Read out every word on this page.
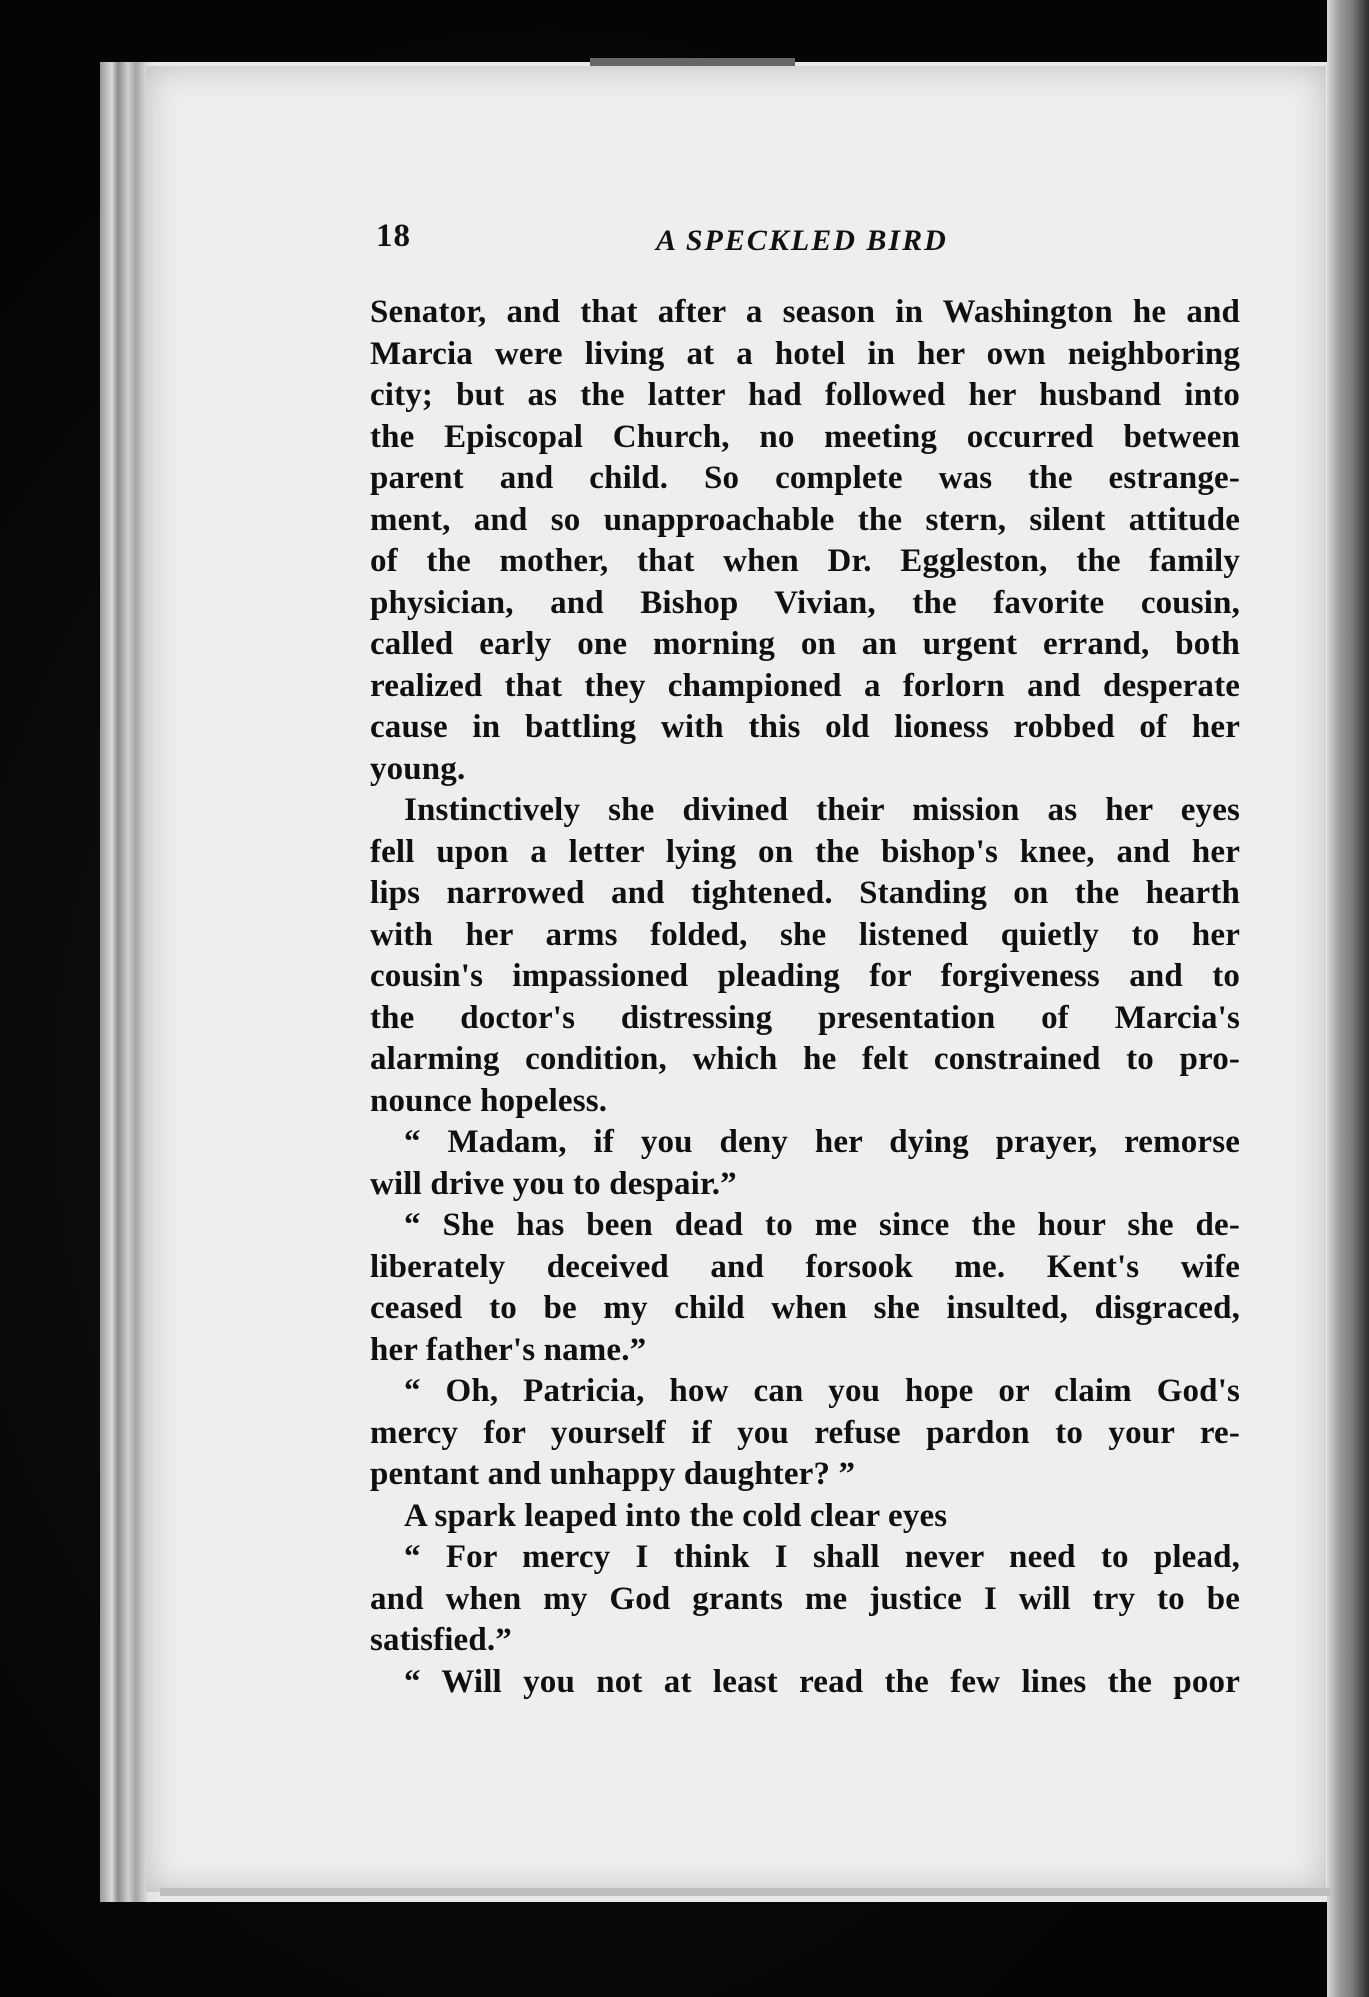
18	A SPECKLED BIRD
Senator, and that after a season in Washington he and
Marcia were living at a hotel in her own neighboring
city; but as the latter had followed her husband into
the Episcopal Church, no meeting occurred between
parent and child. So complete was the estrange-
ment, and so unapproachable the stern, silent attitude
of the mother, that when Dr. Eggleston, the family
physician, and Bishop Vivian, the favorite cousin,
called early one morning on an urgent errand, both
realized that they championed a forlorn and desperate
cause in battling with this old lioness robbed of her
young.
Instinctively she divined their mission as her eyes
fell upon a letter lying on the bishop's knee, and her
lips narrowed and tightened. Standing on the hearth
with her arms folded, she listened quietly to her
cousin's impassioned pleading for forgiveness and to
the doctor's distressing presentation of Marcia's
alarming condition, which he felt constrained to pro-
nounce hopeless.
“ Madam, if you deny her dying prayer, remorse
will drive you to despair.”
“ She has been dead to me since the hour she de-
liberately deceived and forsook me. Kent's wife
ceased to be my child when she insulted, disgraced,
her father's name.”
“ Oh, Patricia, how can you hope or claim God's
mercy for yourself if you refuse pardon to your re-
pentant and unhappy daughter? ”
A spark leaped into the cold clear eyes
“ For mercy I think I shall never need to plead,
and when my God grants me justice I will try to be
satisfied.”
“ Will you not at least read the few lines the poor
